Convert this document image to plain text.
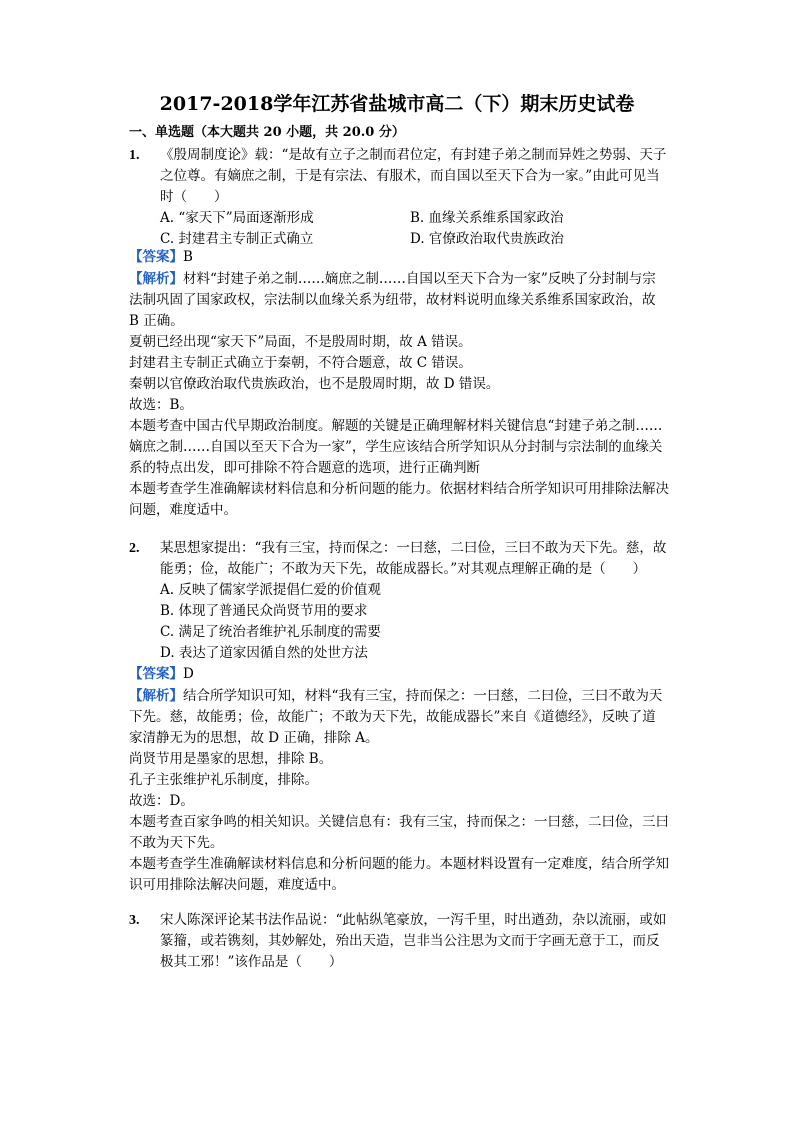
2017-2018学年江苏省盐城市高二（下）期末历史试卷
一、单选题（本大题共 20 小题，共 20.0 分）
1. 《殷周制度论》载：“是故有立子之制而君位定，有封建子弟之制而异姓之势弱、天子之位尊。有嫡庶之制，于是有宗法、有服术，而自国以至天下合为一家。”由此可见当时（　　）
A. “家天下”局面逐渐形成	B. 血缘关系维系国家政治
C. 封建君主专制正式确立	D. 官僚政治取代贵族政治

【答案】B

【解析】材料“封建子弟之制……嫡庶之制……自国以至天下合为一家”反映了分封制与宗法制巩固了国家政权，宗法制以血缘关系为纽带，故材料说明血缘关系维系国家政治，故 B 正确。

夏朝已经出现“家天下”局面，不是殷周时期，故 A 错误。

封建君主专制正式确立于秦朝，不符合题意，故 C 错误。

秦朝以官僚政治取代贵族政治，也不是殷周时期，故 D 错误。

故选：B。

本题考查中国古代早期政治制度。解题的关键是正确理解材料关键信息“封建子弟之制……嫡庶之制……自国以至天下合为一家”，学生应该结合所学知识从分封制与宗法制的血缘关系的特点出发，即可排除不符合题意的选项，进行正确判断

本题考查学生准确解读材料信息和分析问题的能力。依据材料结合所学知识可用排除法解决问题，难度适中。

2. 某思想家提出：“我有三宝，持而保之：一曰慈，二曰俭，三曰不敢为天下先。慈，故能勇；俭，故能广；不敢为天下先，故能成器长。”对其观点理解正确的是（　　）
A. 反映了儒家学派提倡仁爱的价值观
B. 体现了普通民众尚贤节用的要求
C. 满足了统治者维护礼乐制度的需要
D. 表达了道家因循自然的处世方法

【答案】D

【解析】结合所学知识可知，材料“我有三宝，持而保之：一曰慈，二曰俭，三曰不敢为天下先。慈，故能勇；俭，故能广；不敢为天下先，故能成器长”来自《道德经》，反映了道家清静无为的思想，故 D 正确，排除 A。

尚贤节用是墨家的思想，排除 B。

孔子主张维护礼乐制度，排除。

故选：D。

本题考查百家争鸣的相关知识。关键信息有：我有三宝，持而保之：一曰慈，二曰俭，三曰不敢为天下先。

本题考查学生准确解读材料信息和分析问题的能力。本题材料设置有一定难度，结合所学知识可用排除法解决问题，难度适中。

3. 宋人陈深评论某书法作品说：“此帖纵笔豪放，一泻千里，时出遒劲，杂以流丽，或如篆籀，或若镌刻，其妙解处，殆出天造，岂非当公注思为文而于字画无意于工，而反极其工邪！”该作品是（　　）
